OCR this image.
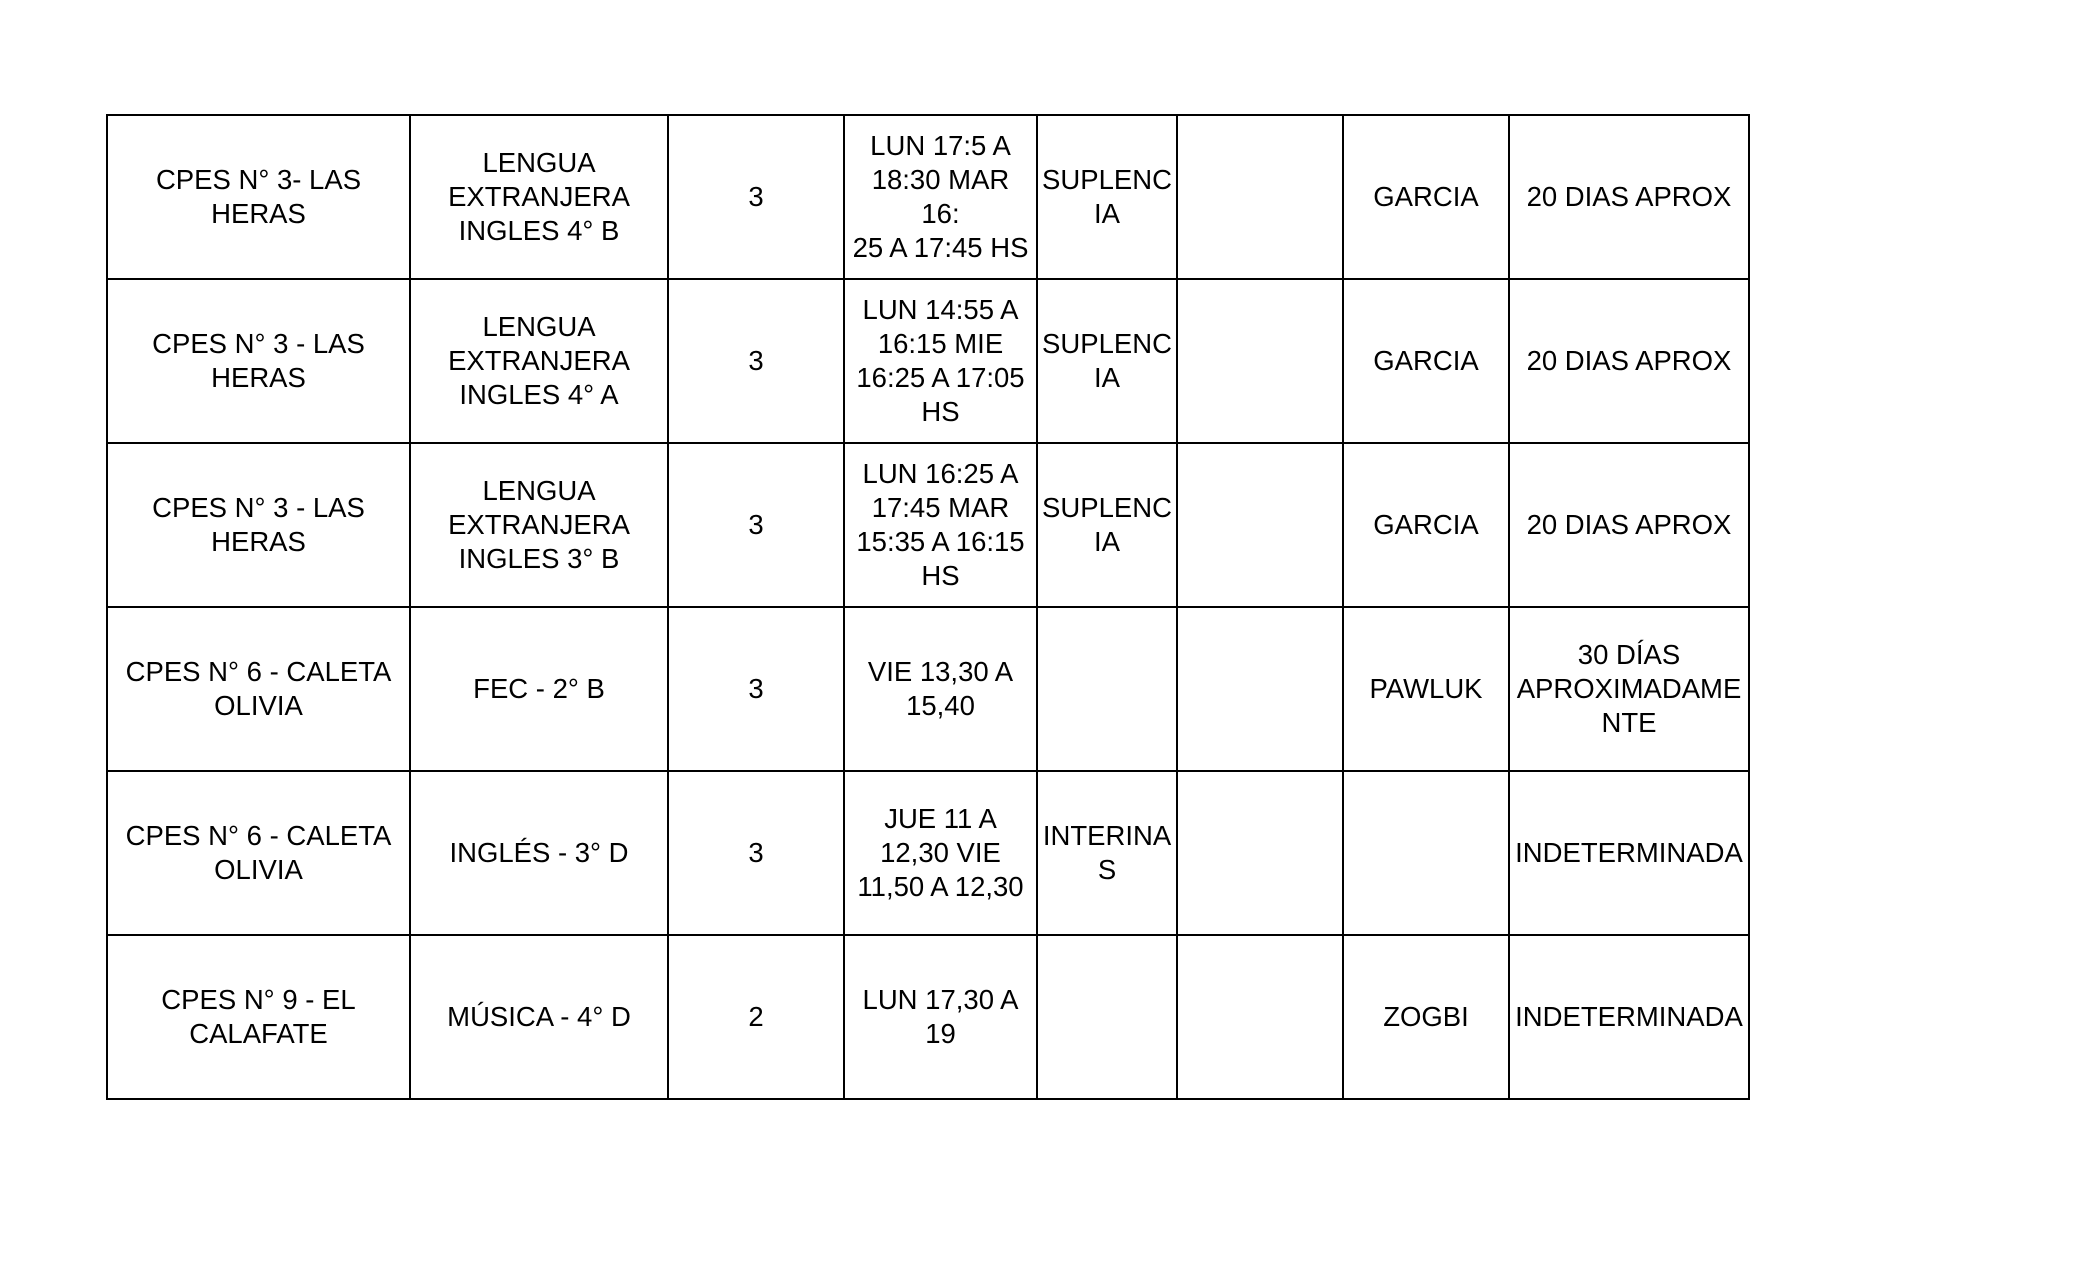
CPES N° 3- LAS
HERAS	LENGUA
EXTRANJERA
INGLES 4° B	3	LUN 17:5 A
18:30 MAR 16:
25 A 17:45 HS	SUPLENC
IA		GARCIA	20 DIAS APROX
CPES N° 3 - LAS
HERAS	LENGUA
EXTRANJERA
INGLES 4° A	3	LUN 14:55 A
16:15 MIE
16:25 A 17:05
HS	SUPLENC
IA		GARCIA	20 DIAS APROX
CPES N° 3 - LAS
HERAS	LENGUA
EXTRANJERA
INGLES 3° B	3	LUN 16:25 A
17:45 MAR
15:35 A 16:15
HS	SUPLENC
IA		GARCIA	20 DIAS APROX
CPES N° 6 - CALETA
OLIVIA	FEC - 2° B	3	VIE 13,30 A
15,40			PAWLUK	30 DÍAS
APROXIMADAME
NTE
CPES N° 6 - CALETA
OLIVIA	INGLÉS - 3° D	3	JUE 11 A
12,30 VIE
11,50 A 12,30	INTERINA
S			INDETERMINADA
CPES N° 9 - EL
CALAFATE	MÚSICA - 4° D	2	LUN 17,30 A
19			ZOGBI	INDETERMINADA
